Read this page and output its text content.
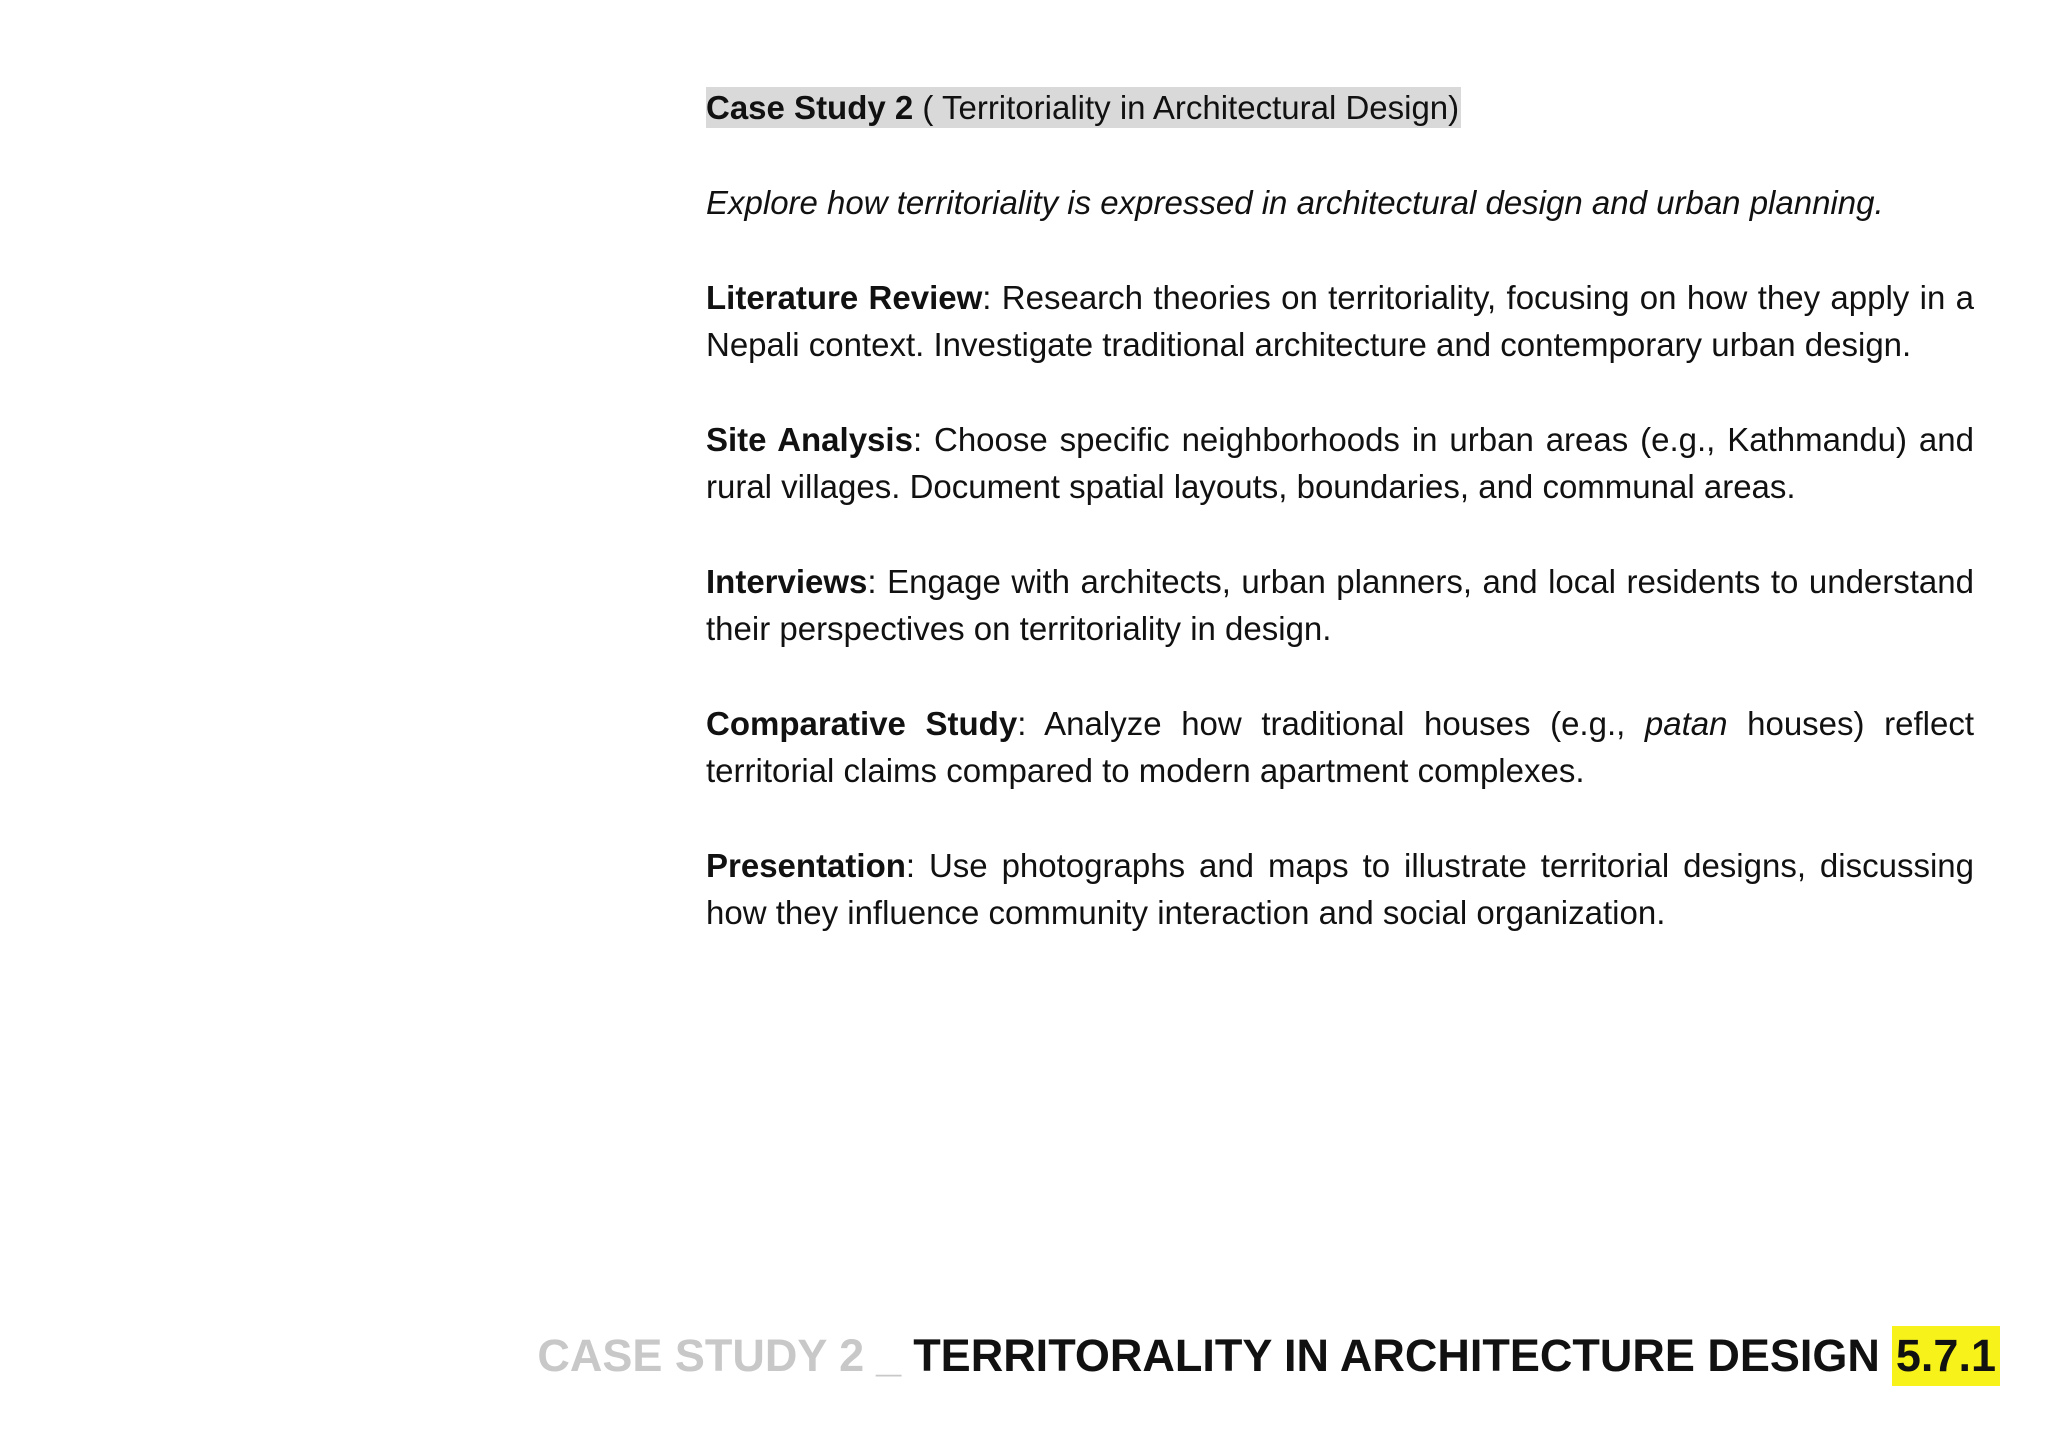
Case Study 2 ( Territoriality in Architectural Design)

Explore how territoriality is expressed in architectural design and urban planning.

Literature Review: Research theories on territoriality, focusing on how they apply in a Nepali context. Investigate traditional architecture and contemporary urban design.

Site Analysis: Choose specific neighborhoods in urban areas (e.g., Kathmandu) and rural villages. Document spatial layouts, boundaries, and communal areas.

Interviews: Engage with architects, urban planners, and local residents to understand their perspectives on territoriality in design.

Comparative Study: Analyze how traditional houses (e.g., patan houses) reflect territorial claims compared to modern apartment complexes.

Presentation: Use photographs and maps to illustrate territorial designs, discussing how they influence community interaction and social organization.

CASE STUDY 2 _ TERRITORALITY IN ARCHITECTURE DESIGN 5.7.1
